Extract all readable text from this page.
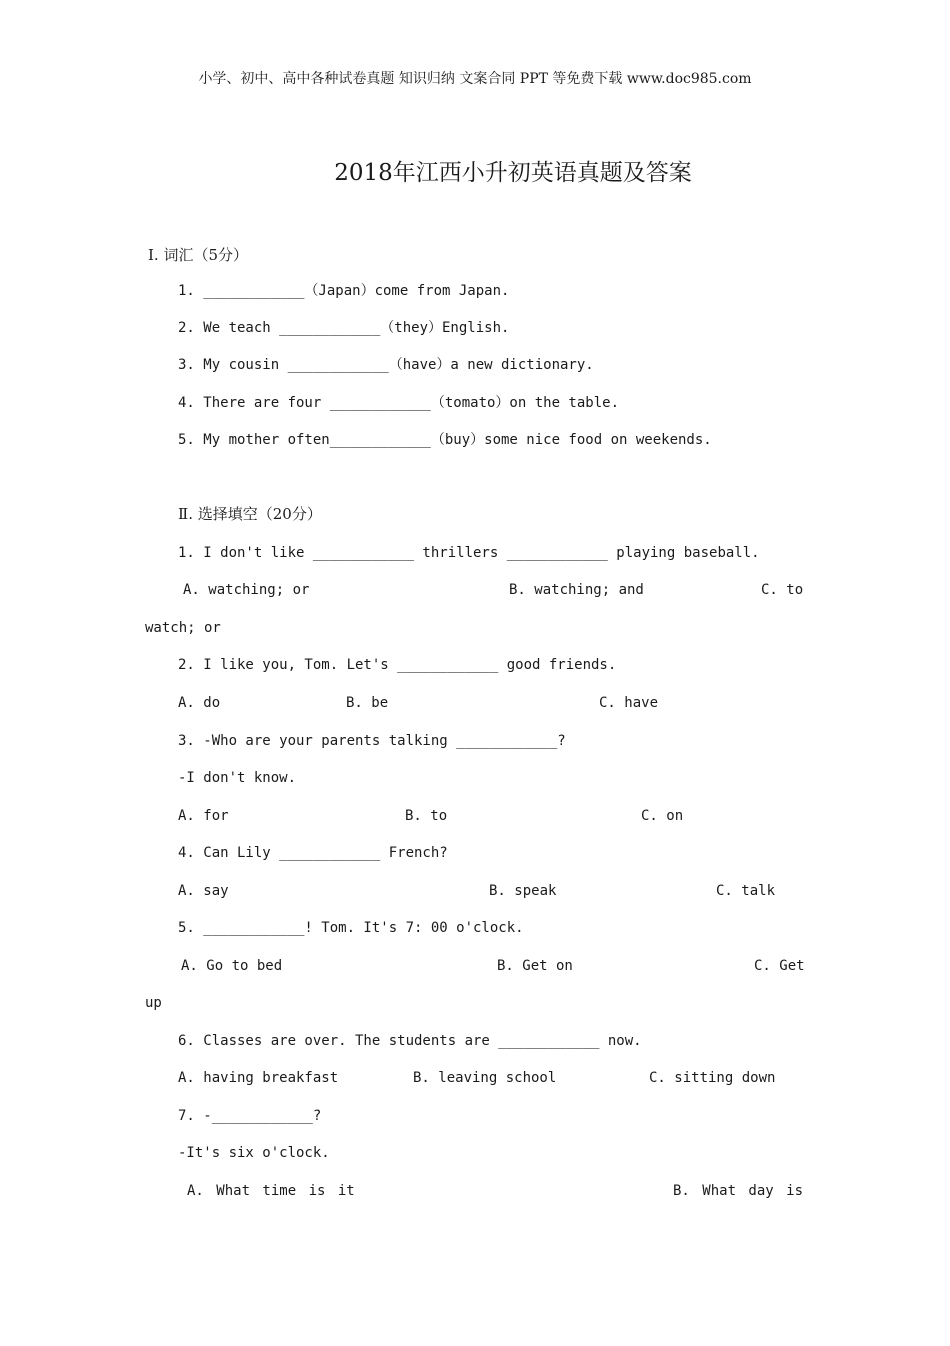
小学、初中、高中各种试卷真题 知识归纳 文案合同 PPT 等免费下载 www.doc985.com
2018年江西小升初英语真题及答案
Ⅰ. 词汇（5分）
1. ____________（Japan）come from Japan.
2. We teach ____________（they）English.
3. My cousin ____________（have）a new dictionary.
4. There are four ____________（tomato）on the table.
5. My mother often____________（buy）some nice food on weekends.
Ⅱ. 选择填空（20分）
1. I don't like ____________ thrillers ____________ playing baseball.
A. watching; or	B. watching; and	C. to
watch; or
2. I like you, Tom. Let's ____________ good friends.
A. do	B. be	C. have
3. -Who are your parents talking ____________?
-I don't know.
A. for	B. to	C. on
4. Can Lily ____________ French?
A. say	B. speak	C. talk
5. ____________! Tom. It's 7: 00 o'clock.
A. Go to bed	B. Get on	C. Get
up
6. Classes are over. The students are ____________ now.
A. having breakfast	B. leaving school	C. sitting down
7. -____________?
-It's six o'clock.
A. What time is it	B. What day is
